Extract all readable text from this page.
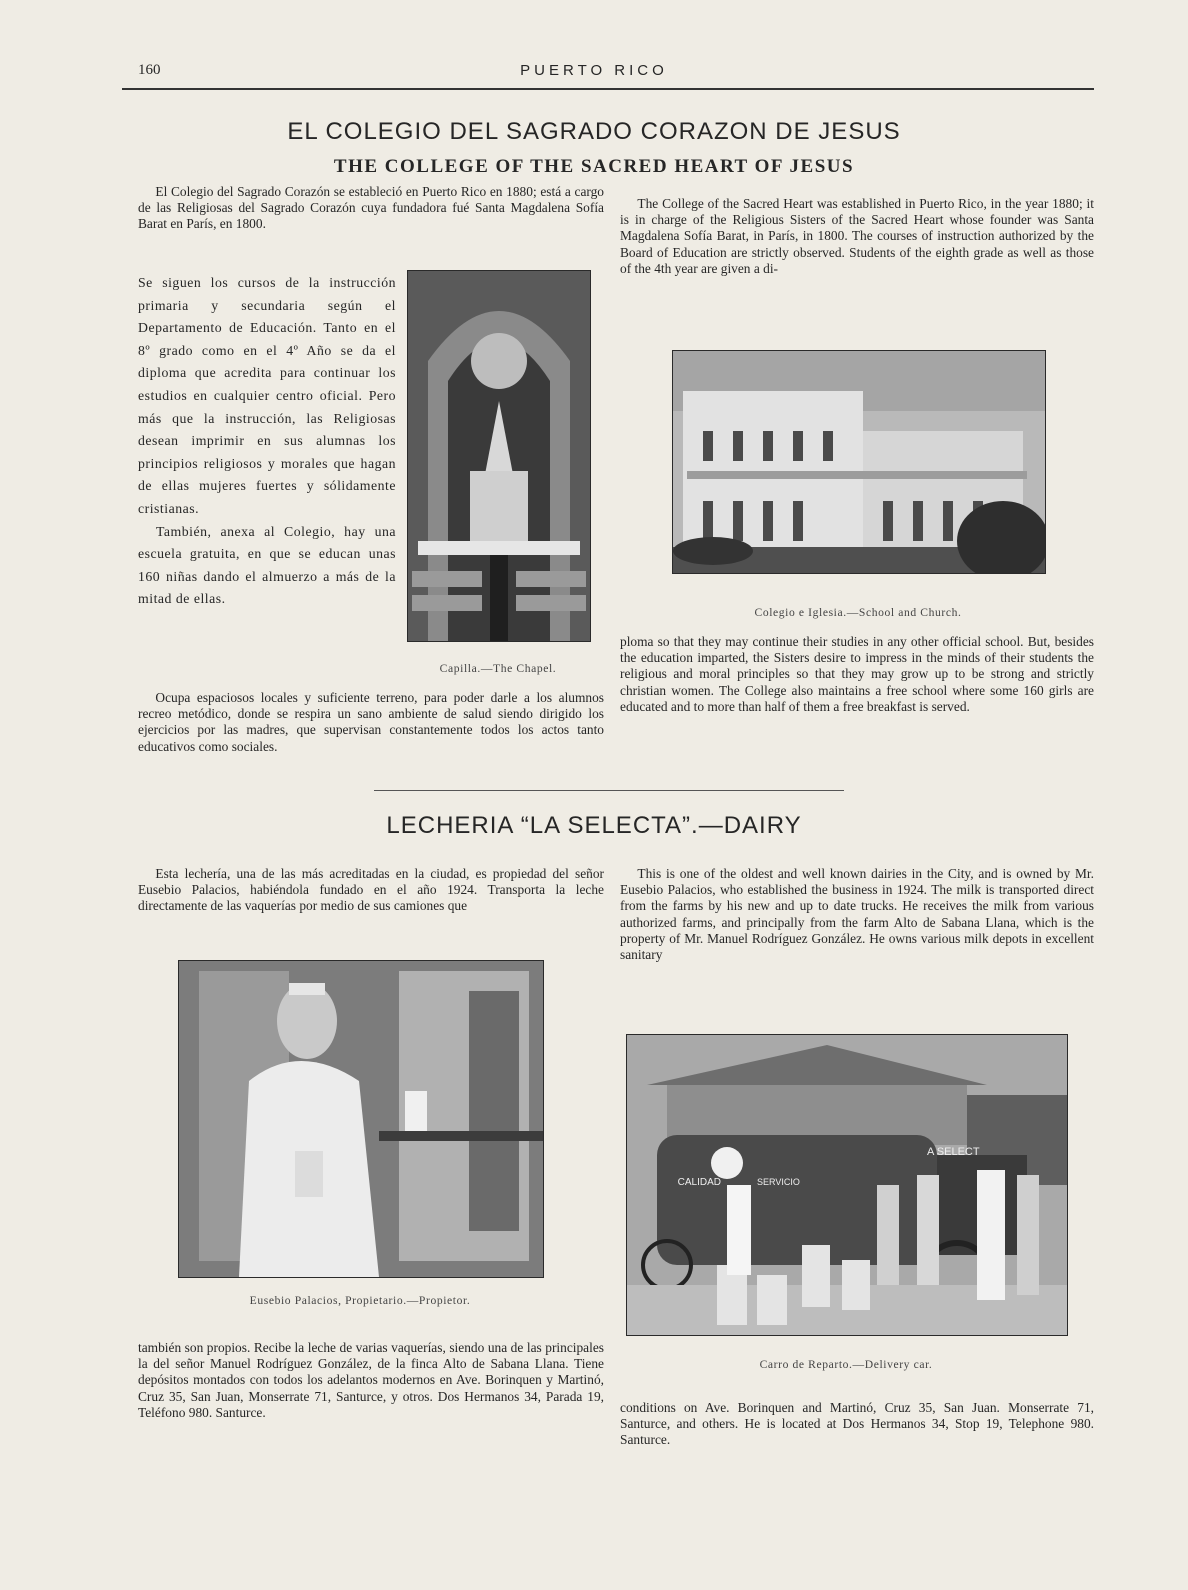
160	PUERTO RICO
EL COLEGIO DEL SAGRADO CORAZON DE JESUS
THE COLLEGE OF THE SACRED HEART OF JESUS

El Colegio del Sagrado Corazón se estableció en Puerto Rico en 1880; está a cargo de las Religiosas del Sagrado Corazón cuya fundadora fué Santa Magdalena Sofía Barat en París, en 1800.

Se siguen los cursos de la instrucción primaria y secundaria según el Departamento de Educación. Tanto en el 8º grado como en el 4º Año se da el diploma que acredita para continuar los estudios en cualquier centro oficial. Pero más que la instrucción, las Religiosas desean imprimir en sus alumnas los principios religiosos y morales que hagan de ellas mujeres fuertes y sólidamente cristianas.

También, anexa al Colegio, hay una escuela gratuita, en que se educan unas 160 niñas dando el almuerzo a más de la mitad de ellas.

Capilla.—The Chapel.

Ocupa espaciosos locales y suficiente terreno, para poder darle a los alumnos recreo metódico, donde se respira un sano ambiente de salud siendo dirigido los ejercicios por las madres, que supervisan constantemente todos los actos tanto educativos como sociales.

The College of the Sacred Heart was established in Puerto Rico, in the year 1880; it is in charge of the Religious Sisters of the Sacred Heart whose founder was Santa Magdalena Sofía Barat, in París, in 1800. The courses of instruction authorized by the Board of Education are strictly observed. Students of the eighth grade as well as those of the 4th year are given a di-

Colegio e Iglesia.—School and Church.

ploma so that they may continue their studies in any other official school. But, besides the education imparted, the Sisters desire to impress in the minds of their students the religious and moral principles so that they may grow up to be strong and strictly christian women. The College also maintains a free school where some 160 girls are educated and to more than half of them a free breakfast is served.

LECHERIA “LA SELECTA”.—DAIRY

Esta lechería, una de las más acreditadas en la ciudad, es propiedad del señor Eusebio Palacios, habiéndola fundado en el año 1924. Transporta la leche directamente de las vaquerías por medio de sus camiones que

Eusebio Palacios, Propietario.—Propietor.

también son propios. Recibe la leche de varias vaquerías, siendo una de las principales la del señor Manuel Rodríguez González, de la finca Alto de Sabana Llana. Tiene depósitos montados con todos los adelantos modernos en Ave. Borinquen y Martinó, Cruz 35, San Juan, Monserrate 71, Santurce, y otros. Dos Hermanos 34, Parada 19, Teléfono 980. Santurce.

This is one of the oldest and well known dairies in the City, and is owned by Mr. Eusebio Palacios, who established the business in 1924. The milk is transported direct from the farms by his new and up to date trucks. He receives the milk from various authorized farms, and principally from the farm Alto de Sabana Llana, which is the property of Mr. Manuel Rodríguez González. He owns various milk depots in excellent sanitary

CALIDAD	SERVICIO
A SELECT
Carro de Reparto.—Delivery car.

conditions on Ave. Borinquen and Martinó, Cruz 35, San Juan. Monserrate 71, Santurce, and others. He is located at Dos Hermanos 34, Stop 19, Telephone 980. Santurce.
